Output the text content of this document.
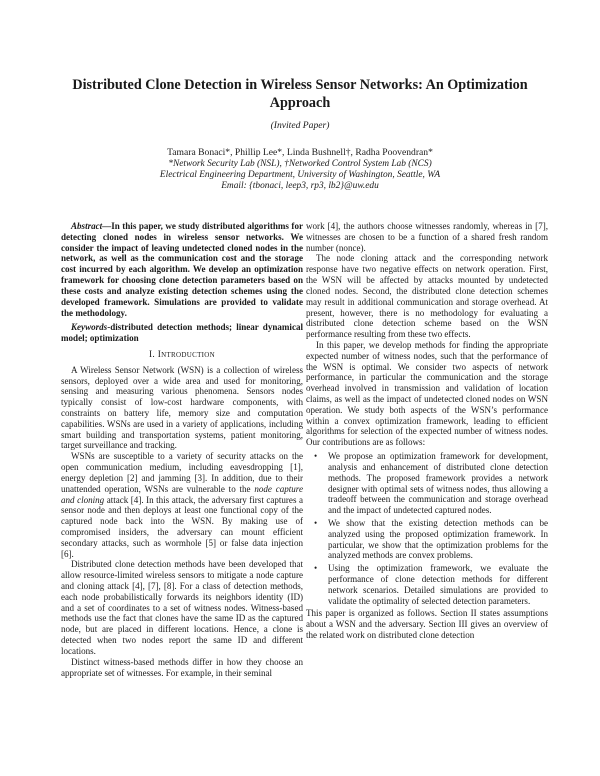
Distributed Clone Detection in Wireless Sensor Networks: An Optimization Approach
(Invited Paper)
Tamara Bonaci*, Phillip Lee*, Linda Bushnell†, Radha Poovendran*
*Network Security Lab (NSL), †Networked Control System Lab (NCS)
Electrical Engineering Department, University of Washington, Seattle, WA
Email: {tbonaci, leep3, rp3, lb2}@uw.edu

Abstract—In this paper, we study distributed algorithms for detecting cloned nodes in wireless sensor networks. We consider the impact of leaving undetected cloned nodes in the network, as well as the communication cost and the storage cost incurred by each algorithm. We develop an optimization framework for choosing clone detection parameters based on these costs and analyze existing detection schemes using the developed framework. Simulations are provided to validate the methodology.

Keywords-distributed detection methods; linear dynamical model; optimization

I. Introduction

A Wireless Sensor Network (WSN) is a collection of wireless sensors, deployed over a wide area and used for monitoring, sensing and measuring various phenomena. Sensors nodes typically consist of low-cost hardware components, with constraints on battery life, memory size and computation capabilities. WSNs are used in a variety of applications, including smart building and transportation systems, patient monitoring, target surveillance and tracking.

WSNs are susceptible to a variety of security attacks on the open communication medium, including eavesdropping [1], energy depletion [2] and jamming [3]. In addition, due to their unattended operation, WSNs are vulnerable to the node capture and cloning attack [4]. In this attack, the adversary first captures a sensor node and then deploys at least one functional copy of the captured node back into the WSN. By making use of compromised insiders, the adversary can mount efficient secondary attacks, such as wormhole [5] or false data injection [6].

Distributed clone detection methods have been developed that allow resource-limited wireless sensors to mitigate a node capture and cloning attack [4], [7], [8]. For a class of detection methods, each node probabilistically forwards its neighbors identity (ID) and a set of coordinates to a set of witness nodes. Witness-based methods use the fact that clones have the same ID as the captured node, but are placed in different locations. Hence, a clone is detected when two nodes report the same ID and different locations.

Distinct witness-based methods differ in how they choose an appropriate set of witnesses. For example, in their seminal

work [4], the authors choose witnesses randomly, whereas in [7], witnesses are chosen to be a function of a shared fresh random number (nonce).

The node cloning attack and the corresponding network response have two negative effects on network operation. First, the WSN will be affected by attacks mounted by undetected cloned nodes. Second, the distributed clone detection schemes may result in additional communication and storage overhead. At present, however, there is no methodology for evaluating a distributed clone detection scheme based on the WSN performance resulting from these two effects.

In this paper, we develop methods for finding the appropriate expected number of witness nodes, such that the performance of the WSN is optimal. We consider two aspects of network performance, in particular the communication and the storage overhead involved in transmission and validation of location claims, as well as the impact of undetected cloned nodes on WSN operation. We study both aspects of the WSN’s performance within a convex optimization framework, leading to efficient algorithms for selection of the expected number of witness nodes. Our contributions are as follows:

• We propose an optimization framework for development, analysis and enhancement of distributed clone detection methods. The proposed framework provides a network designer with optimal sets of witness nodes, thus allowing a tradeoff between the communication and storage overhead and the impact of undetected captured nodes.
• We show that the existing detection methods can be analyzed using the proposed optimization framework. In particular, we show that the optimization problems for the analyzed methods are convex problems.
• Using the optimization framework, we evaluate the performance of clone detection methods for different network scenarios. Detailed simulations are provided to validate the optimality of selected detection parameters.

This paper is organized as follows. Section II states assumptions about a WSN and the adversary. Section III gives an overview of the related work on distributed clone detection
